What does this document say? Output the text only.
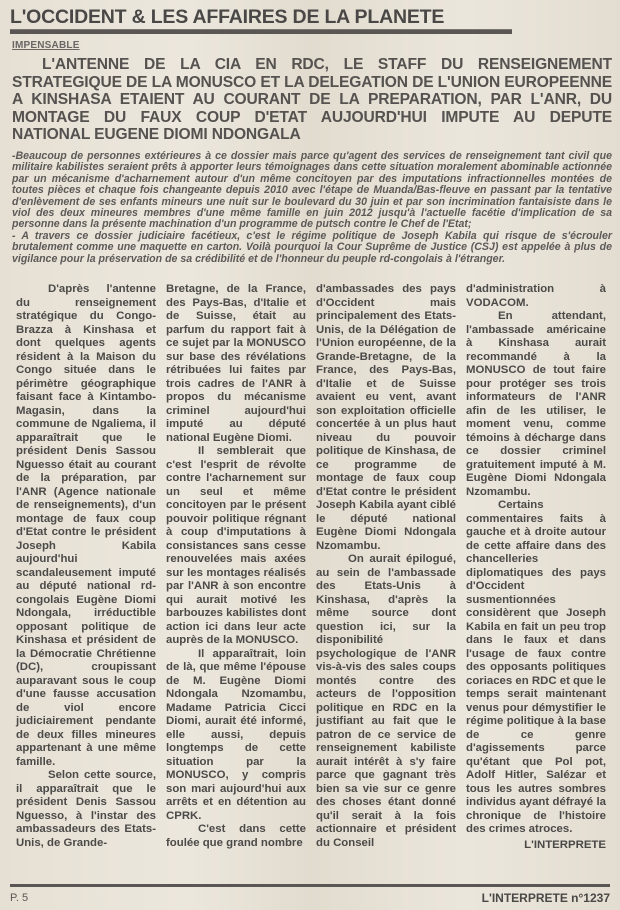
L'OCCIDENT & LES AFFAIRES DE LA PLANETE
IMPENSABLE
L'ANTENNE DE LA CIA EN RDC, LE STAFF DU RENSEIGNEMENT STRATEGIQUE DE LA MONUSCO ET LA DELEGATION DE L'UNION EUROPEENNE A KINSHASA ETAIENT AU COURANT DE LA PREPARATION, PAR L'ANR, DU MONTAGE DU FAUX COUP D'ETAT AUJOURD'HUI IMPUTE AU DEPUTE NATIONAL EUGENE DIOMI NDONGALA

-Beaucoup de personnes extérieures à ce dossier mais parce qu'agent des services de renseignement tant civil que militaire kabilistes seraient prêts à apporter leurs témoignages dans cette situation moralement abominable actionnée par un mécanisme d'acharnement autour d'un même concitoyen par des imputations infractionnelles montées de toutes pièces et chaque fois changeante depuis 2010 avec l'étape de Muanda/Bas-fleuve en passant par la tentative d'enlèvement de ses enfants mineurs une nuit sur le boulevard du 30 juin et par son incrimination fantaisiste dans le viol des deux mineures membres d'une même famille en juin 2012 jusqu'à l'actuelle facétie d'implication de sa personne dans la présente machination d'un programme de putsch contre le Chef de l'Etat;

- A travers ce dossier judiciaire facétieux, c'est le régime politique de Joseph Kabila qui risque de s'écrouler brutalement comme une maquette en carton. Voilà pourquoi la Cour Suprême de Justice (CSJ) est appelée à plus de vigilance pour la préservation de sa crédibilité et de l'honneur du peuple rd-congolais à l'étranger.

D'après l'antenne du renseignement stratégique du Congo-Brazza à Kinshasa et dont quelques agents résident à la Maison du Congo située dans le périmètre géographique faisant face à Kintambo-Magasin, dans la commune de Ngaliema, il apparaîtrait que le président Denis Sassou Nguesso était au courant de la préparation, par l'ANR (Agence nationale de renseignements), d'un montage de faux coup d'Etat contre le président Joseph Kabila aujourd'hui scandaleusement imputé au député national rd-congolais Eugène Diomi Ndongala, irréductible opposant politique de Kinshasa et président de la Démocratie Chrétienne (DC), croupissant auparavant sous le coup d'une fausse accusation de viol encore judiciairement pendante de deux filles mineures appartenant à une même famille.

Selon cette source, il apparaîtrait que le président Denis Sassou Nguesso, à l'instar des ambassadeurs des Etats-Unis, de Grande-

Bretagne, de la France, des Pays-Bas, d'Italie et de Suisse, était au parfum du rapport fait à ce sujet par la MONUSCO sur base des révélations rétribuées lui faites par trois cadres de l'ANR à propos du mécanisme criminel aujourd'hui imputé au député national Eugène Diomi.

Il semblerait que c'est l'esprit de révolte contre l'acharnement sur un seul et même concitoyen par le présent pouvoir politique régnant à coup d'imputations à consistances sans cesse renouvelées mais axées sur les montages réalisés par l'ANR à son encontre qui aurait motivé les barbouzes kabilistes dont action ici dans leur acte auprès de la MONUSCO.

Il apparaîtrait, loin de là, que même l'épouse de M. Eugène Diomi Ndongala Nzomambu, Madame Patricia Cicci Diomi, aurait été informé, elle aussi, depuis longtemps de cette situation par la MONUSCO, y compris son mari aujourd'hui aux arrêts et en détention au CPRK.

C'est dans cette foulée que grand nombre

d'ambassades des pays d'Occident mais principalement des Etats-Unis, de la Délégation de l'Union européenne, de la Grande-Bretagne, de la France, des Pays-Bas, d'Italie et de Suisse avaient eu vent, avant son exploitation officielle concertée à un plus haut niveau du pouvoir politique de Kinshasa, de ce programme de montage de faux coup d'Etat contre le président Joseph Kabila ayant ciblé le député national Eugène Diomi Ndongala Nzomambu.

On aurait épilogué, au sein de l'ambassade des Etats-Unis à Kinshasa, d'après la même source dont question ici, sur la disponibilité psychologique de l'ANR vis-à-vis des sales coups montés contre des acteurs de l'opposition politique en RDC en la justifiant au fait que le patron de ce service de renseignement kabiliste aurait intérêt à s'y faire parce que gagnant très bien sa vie sur ce genre des choses étant donné qu'il serait à la fois actionnaire et président du Conseil

d'administration à VODACOM.

En attendant, l'ambassade américaine à Kinshasa aurait recommandé à la MONUSCO de tout faire pour protéger ses trois informateurs de l'ANR afin de les utiliser, le moment venu, comme témoins à décharge dans ce dossier criminel gratuitement imputé à M. Eugène Diomi Ndongala Nzomambu.

Certains commentaires faits à gauche et à droite autour de cette affaire dans des chancelleries diplomatiques des pays d'Occident susmentionnées considèrent que Joseph Kabila en fait un peu trop dans le faux et dans l'usage de faux contre des opposants politiques coriaces en RDC et que le temps serait maintenant venus pour démystifier le régime politique à la base de ce genre d'agissements parce qu'étant que Pol pot, Adolf Hitler, Salézar et tous les autres sombres individus ayant défrayé la chronique de l'histoire des crimes atroces.

L'INTERPRETE
P. 5	L'INTERPRETE n°1237
